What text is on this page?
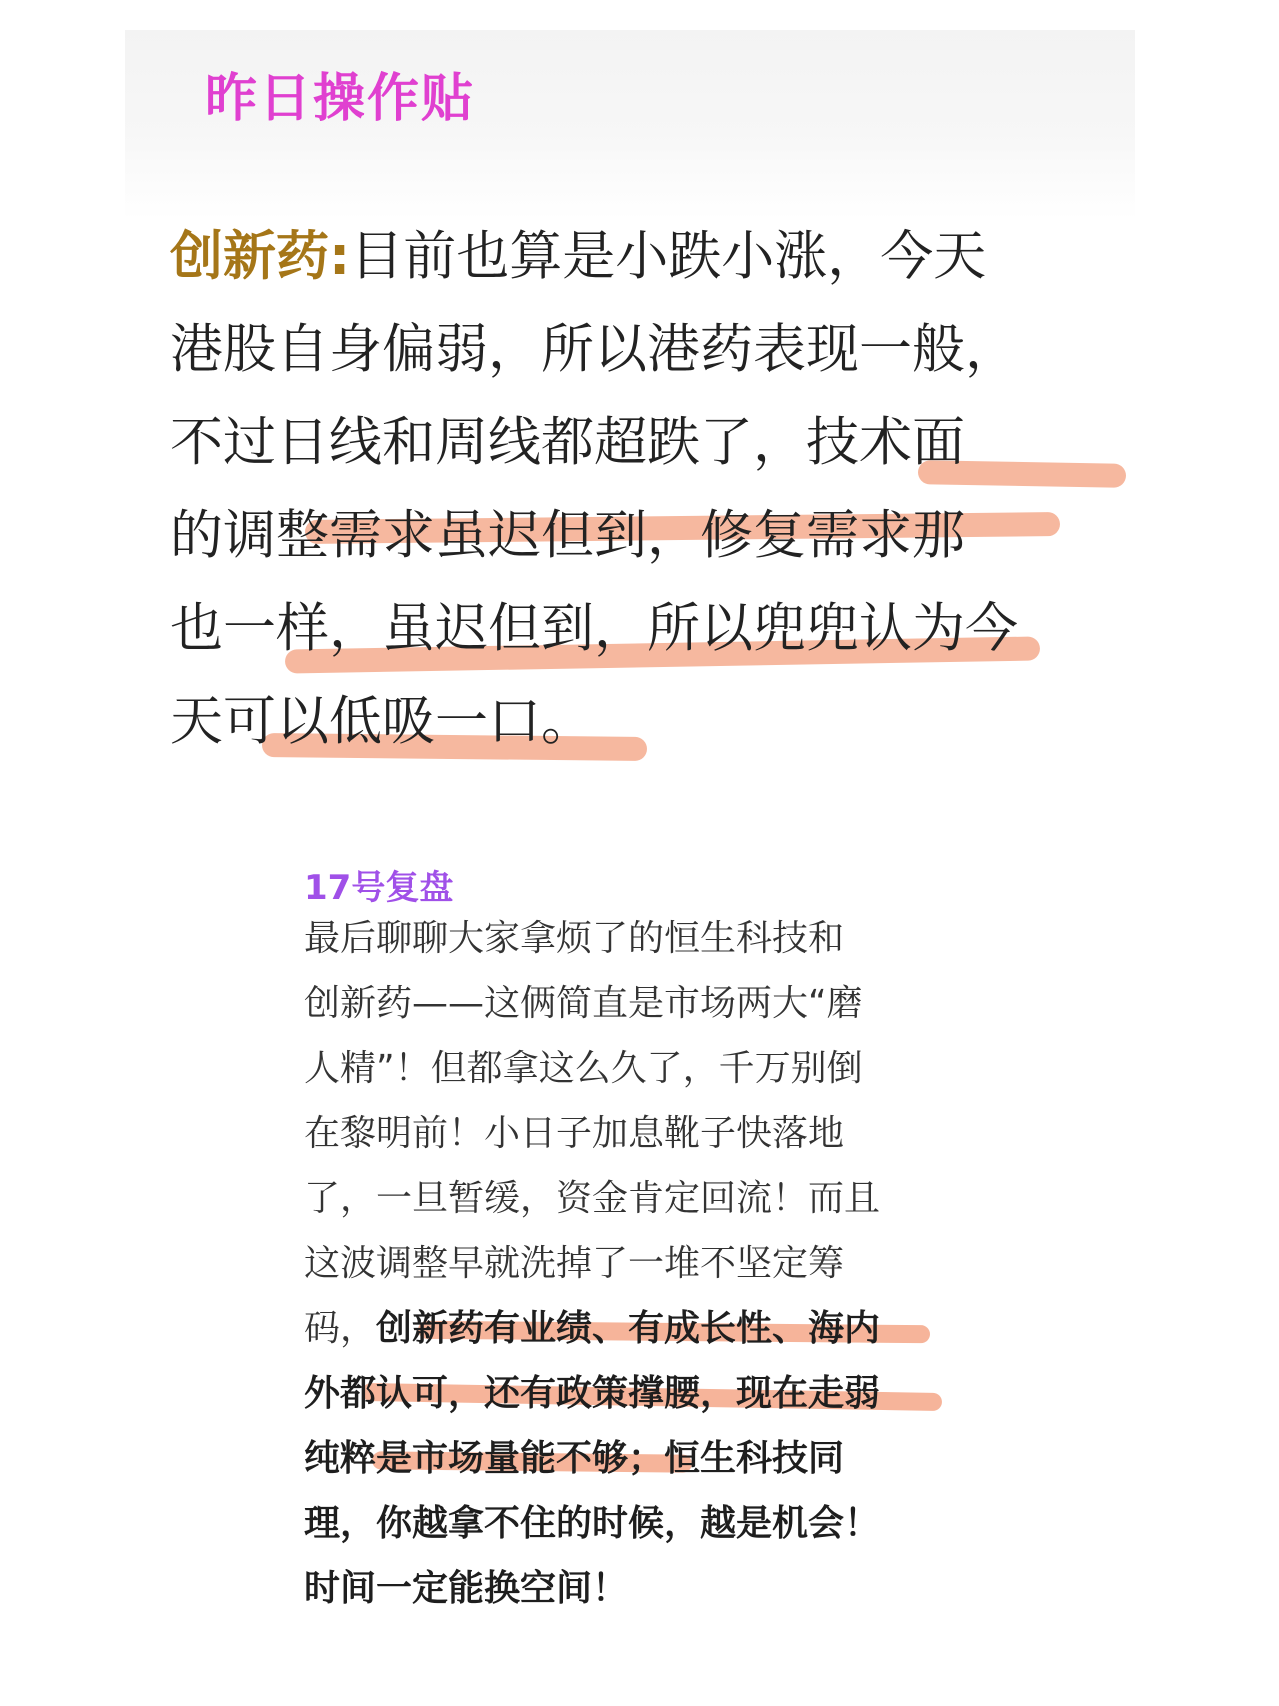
昨日操作贴
创新药:目前也算是小跌小涨，今天
港股自身偏弱，所以港药表现一般，
不过日线和周线都超跌了，技术面
的调整需求虽迟但到，修复需求那
也一样，虽迟但到，所以兜兜认为今
天可以低吸一口。
17号复盘
最后聊聊大家拿烦了的恒生科技和
创新药——这俩简直是市场两大“磨
人精”！但都拿这么久了，千万别倒
在黎明前！小日子加息靴子快落地
了，一旦暂缓，资金肯定回流！而且
这波调整早就洗掉了一堆不坚定筹
码，创新药有业绩、有成长性、海内
外都认可，还有政策撑腰，现在走弱
纯粹是市场量能不够；恒生科技同
理，你越拿不住的时候，越是机会！
时间一定能换空间！
